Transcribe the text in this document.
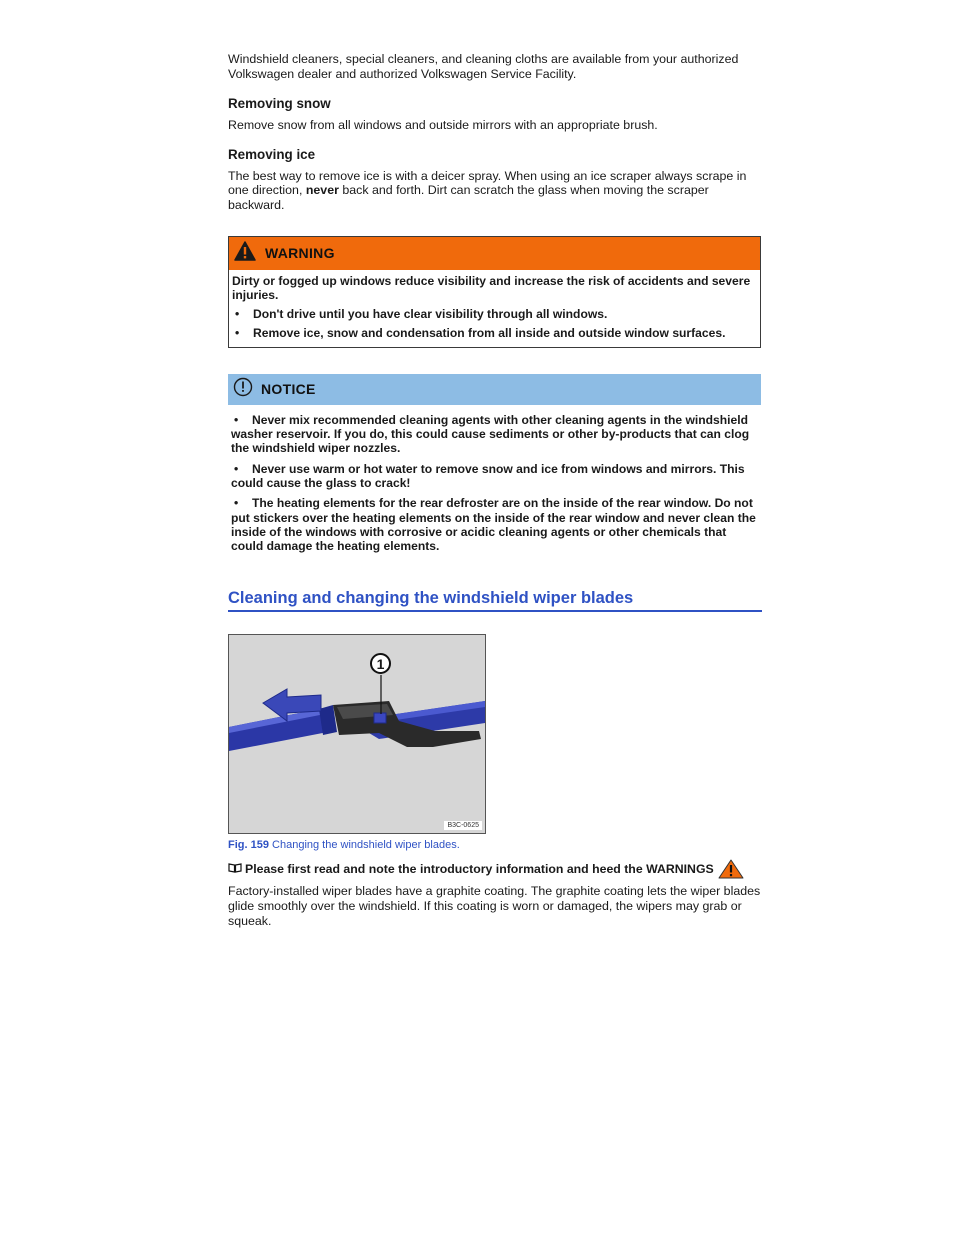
Windshield cleaners, special cleaners, and cleaning cloths are available from your authorized Volkswagen dealer and authorized Volkswagen Service Facility.

Removing snow

Remove snow from all windows and outside mirrors with an appropriate brush.

Removing ice

The best way to remove ice is with a deicer spray. When using an ice scraper always scrape in one direction, never back and forth. Dirt can scratch the glass when moving the scraper backward.

WARNING

Dirty or fogged up windows reduce visibility and increase the risk of accidents and severe injuries.

•	Don't drive until you have clear visibility through all windows.
•	Remove ice, snow and condensation from all inside and outside window surfaces.
NOTICE

• Never mix recommended cleaning agents with other cleaning agents in the windshield washer reservoir. If you do, this could cause sediments or other by-products that can clog the windshield wiper nozzles.

• Never use warm or hot water to remove snow and ice from windows and mirrors. This could cause the glass to crack!

• The heating elements for the rear defroster are on the inside of the rear window. Do not put stickers over the heating elements on the inside of the rear window and never clean the inside of the windows with corrosive or acidic cleaning agents or other chemicals that could damage the heating elements.

Cleaning and changing the windshield wiper blades
1
B3C-0625
Fig. 159 Changing the windshield wiper blades.
Please first read and note the introductory information and heed the WARNINGS

Factory-installed wiper blades have a graphite coating. The graphite coating lets the wiper blades glide smoothly over the windshield. If this coating is worn or damaged, the wipers may grab or squeak.
